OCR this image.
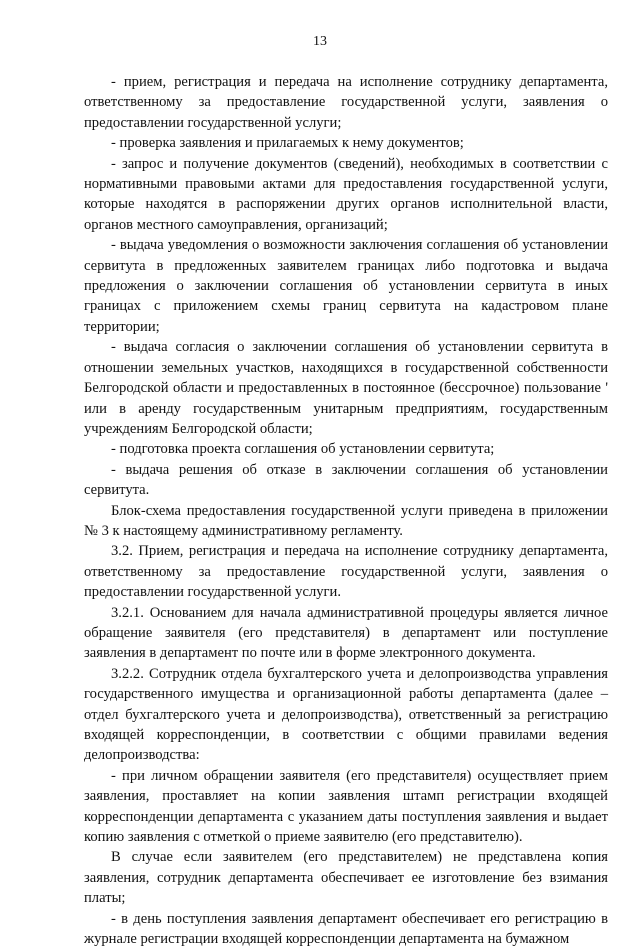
13

- прием, регистрация и передача на исполнение сотруднику департамента, ответственному за предоставление государственной услуги, заявления о предоставлении государственной услуги;

- проверка заявления и прилагаемых к нему документов;

- запрос и получение документов (сведений), необходимых в соответствии с нормативными правовыми актами для предоставления государственной услуги, которые находятся в распоряжении других органов исполнительной власти, органов местного самоуправления, организаций;

- выдача уведомления о возможности заключения соглашения об установлении сервитута в предложенных заявителем границах либо подготовка и выдача предложения о заключении соглашения об установлении сервитута в иных границах с приложением схемы границ сервитута на кадастровом плане территории;

- выдача согласия о заключении соглашения об установлении сервитута в отношении земельных участков, находящихся в государственной собственности Белгородской области и предоставленных в постоянное (бессрочное) пользование ' или в аренду государственным унитарным предприятиям, государственным учреждениям Белгородской области;

- подготовка проекта соглашения об установлении сервитута;

- выдача решения об отказе в заключении соглашения об установлении сервитута.

Блок-схема предоставления государственной услуги приведена в приложении № 3 к настоящему административному регламенту.

3.2. Прием, регистрация и передача на исполнение сотруднику департамента, ответственному за предоставление государственной услуги, заявления о предоставлении государственной услуги.

3.2.1. Основанием для начала административной процедуры является личное обращение заявителя (его представителя) в департамент или поступление заявления в департамент по почте или в форме электронного документа.

3.2.2. Сотрудник отдела бухгалтерского учета и делопроизводства управления государственного имущества и организационной работы департамента (далее – отдел бухгалтерского учета и делопроизводства), ответственный за регистрацию входящей корреспонденции, в соответствии с общими правилами ведения делопроизводства:

- при личном обращении заявителя (его представителя) осуществляет прием заявления, проставляет на копии заявления штамп регистрации входящей корреспонденции департамента с указанием даты поступления заявления и выдает копию заявления с отметкой о приеме заявителю (его представителю).

В случае если заявителем (его представителем) не представлена копия заявления, сотрудник департамента обеспечивает ее изготовление без взимания платы;

- в день поступления заявления департамент обеспечивает его регистрацию в журнале регистрации входящей корреспонденции департамента на бумажном
